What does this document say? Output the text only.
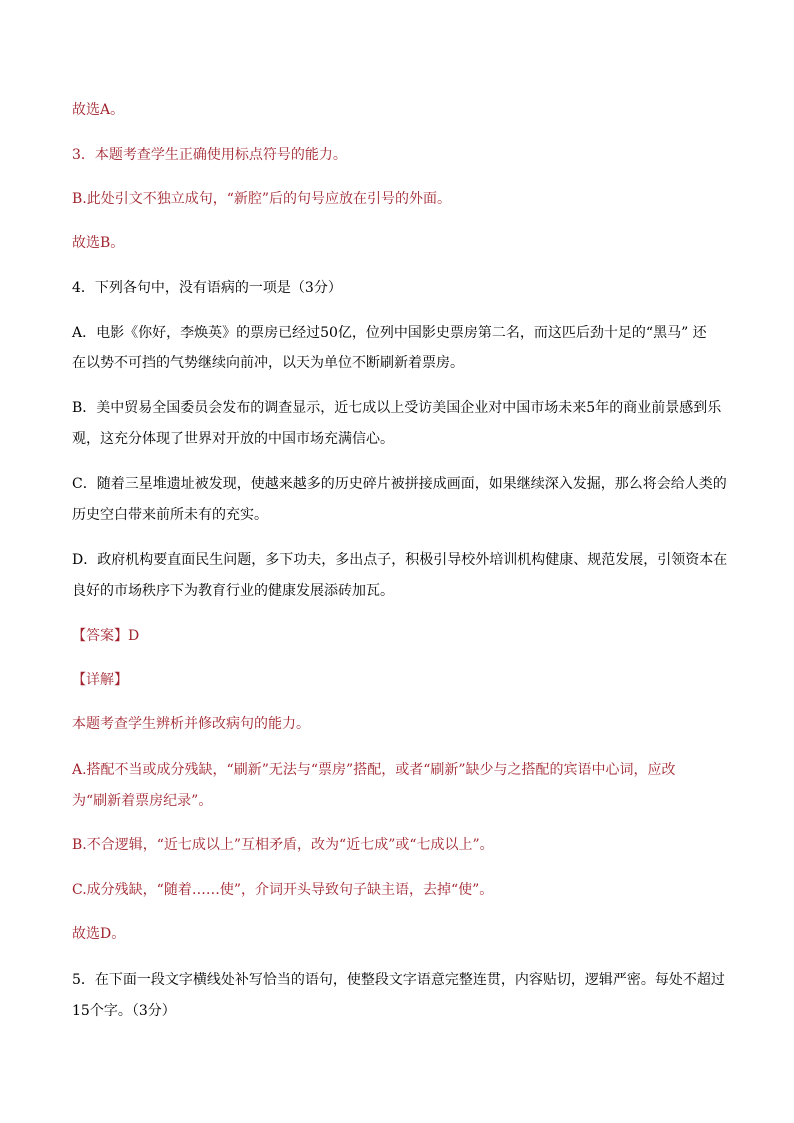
故选A。
3．本题考查学生正确使用标点符号的能力。
B.此处引文不独立成句，“新腔”后的句号应放在引号的外面。
故选B。
4．下列各句中，没有语病的一项是（3分）
A．电影《你好，李焕英》的票房已经过50亿，位列中国影史票房第二名，而这匹后劲十足的“黑马” 还
在以势不可挡的气势继续向前冲，以天为单位不断刷新着票房。
B．美中贸易全国委员会发布的调查显示，近七成以上受访美国企业对中国市场未来5年的商业前景感到乐
观，这充分体现了世界对开放的中国市场充满信心。
C．随着三星堆遗址被发现，使越来越多的历史碎片被拼接成画面，如果继续深入发掘，那么将会给人类的
历史空白带来前所未有的充实。
D．政府机构要直面民生问题，多下功夫，多出点子，积极引导校外培训机构健康、规范发展，引领资本在
良好的市场秩序下为教育行业的健康发展添砖加瓦。
【答案】D
【详解】
本题考查学生辨析并修改病句的能力。
A.搭配不当或成分残缺，“刷新”无法与“票房”搭配，或者“刷新”缺少与之搭配的宾语中心词，应改
为“刷新着票房纪录”。
B.不合逻辑，“近七成以上”互相矛盾，改为“近七成”或“七成以上”。
C.成分残缺，“随着……使”，介词开头导致句子缺主语，去掉“使”。
故选D。
5．在下面一段文字横线处补写恰当的语句，使整段文字语意完整连贯，内容贴切，逻辑严密。每处不超过
15个字。（3分）
